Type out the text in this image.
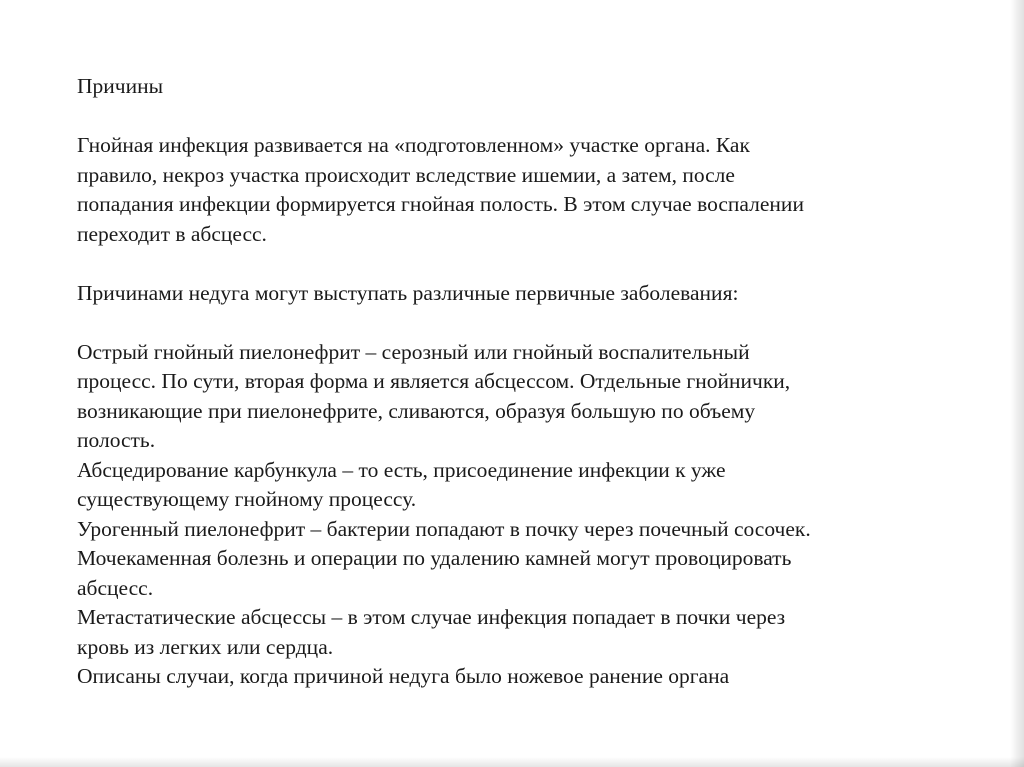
Причины

Гнойная инфекция развивается на «подготовленном» участке органа. Как

правило, некроз участка происходит вследствие ишемии, а затем, после

попадания инфекции формируется гнойная полость. В этом случае воспалении

переходит в абсцесс.

Причинами недуга могут выступать различные первичные заболевания:

Острый гнойный пиелонефрит – серозный или гнойный воспалительный

процесс. По сути, вторая форма и является абсцессом. Отдельные гнойнички,

возникающие при пиелонефрите, сливаются, образуя большую по объему

полость.

Абсцедирование карбункула – то есть, присоединение инфекции к уже

существующему гнойному процессу.

Урогенный пиелонефрит – бактерии попадают в почку через почечный сосочек.

Мочекаменная болезнь и операции по удалению камней могут провоцировать

абсцесс.

Метастатические абсцессы – в этом случае инфекция попадает в почки через

кровь из легких или сердца.

Описаны случаи, когда причиной недуга было ножевое ранение органа
